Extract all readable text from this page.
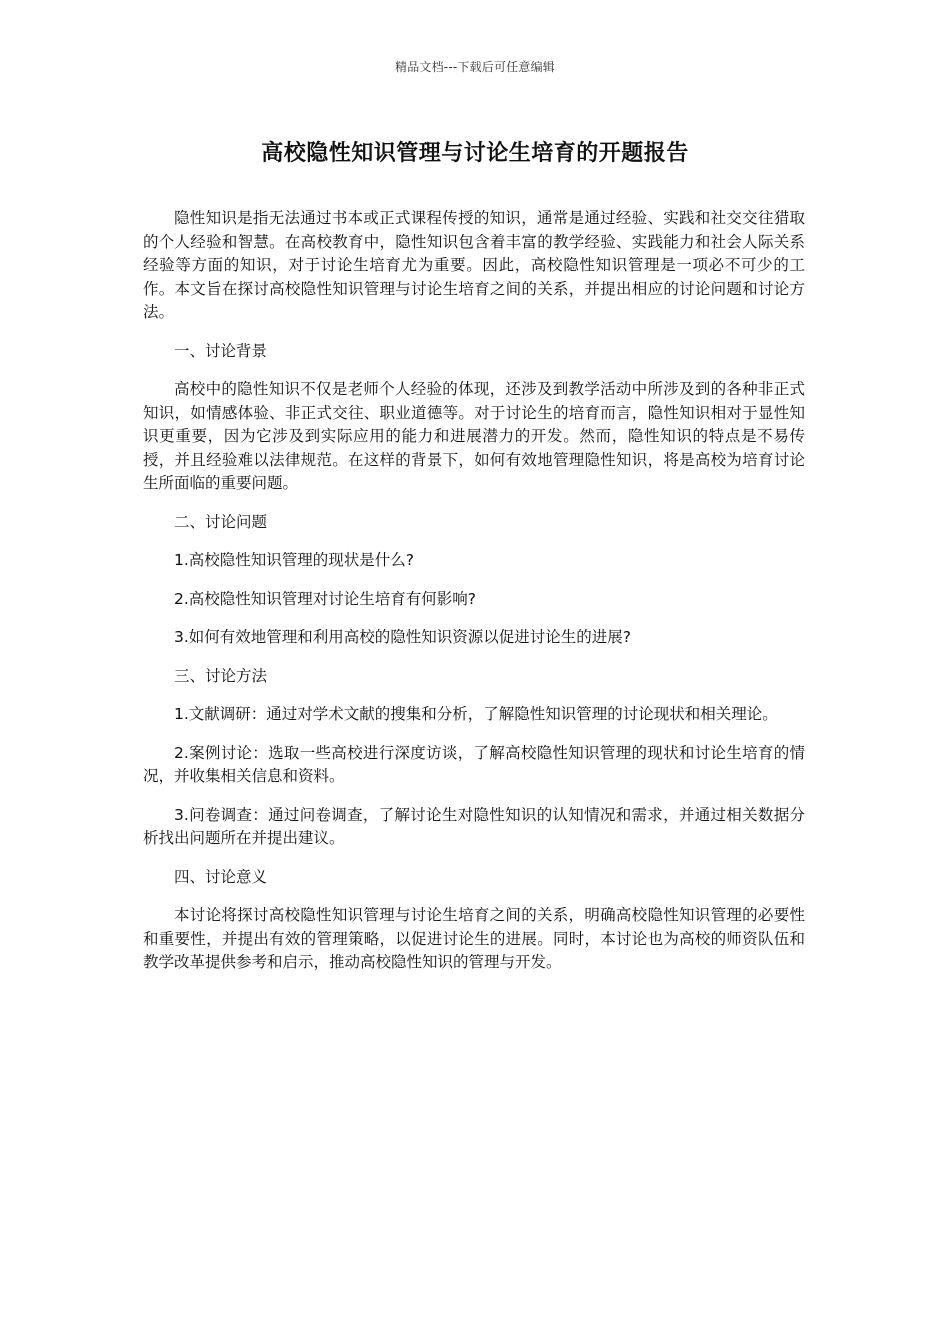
精品文档---下载后可任意编辑
高校隐性知识管理与讨论生培育的开题报告

隐性知识是指无法通过书本或正式课程传授的知识，通常是通过经验、实践和社交交往猎取的个人经验和智慧。在高校教育中，隐性知识包含着丰富的教学经验、实践能力和社会人际关系经验等方面的知识，对于讨论生培育尤为重要。因此，高校隐性知识管理是一项必不可少的工作。本文旨在探讨高校隐性知识管理与讨论生培育之间的关系，并提出相应的讨论问题和讨论方法。

一、讨论背景

高校中的隐性知识不仅是老师个人经验的体现，还涉及到教学活动中所涉及到的各种非正式知识，如情感体验、非正式交往、职业道德等。对于讨论生的培育而言，隐性知识相对于显性知识更重要，因为它涉及到实际应用的能力和进展潜力的开发。然而，隐性知识的特点是不易传授，并且经验难以法律规范。在这样的背景下，如何有效地管理隐性知识，将是高校为培育讨论生所面临的重要问题。

二、讨论问题

1.高校隐性知识管理的现状是什么?

2.高校隐性知识管理对讨论生培育有何影响?

3.如何有效地管理和利用高校的隐性知识资源以促进讨论生的进展?

三、讨论方法

1.文献调研：通过对学术文献的搜集和分析，了解隐性知识管理的讨论现状和相关理论。

2.案例讨论：选取一些高校进行深度访谈，了解高校隐性知识管理的现状和讨论生培育的情况，并收集相关信息和资料。

3.问卷调查：通过问卷调查，了解讨论生对隐性知识的认知情况和需求，并通过相关数据分析找出问题所在并提出建议。

四、讨论意义

本讨论将探讨高校隐性知识管理与讨论生培育之间的关系，明确高校隐性知识管理的必要性和重要性，并提出有效的管理策略，以促进讨论生的进展。同时，本讨论也为高校的师资队伍和教学改革提供参考和启示，推动高校隐性知识的管理与开发。
